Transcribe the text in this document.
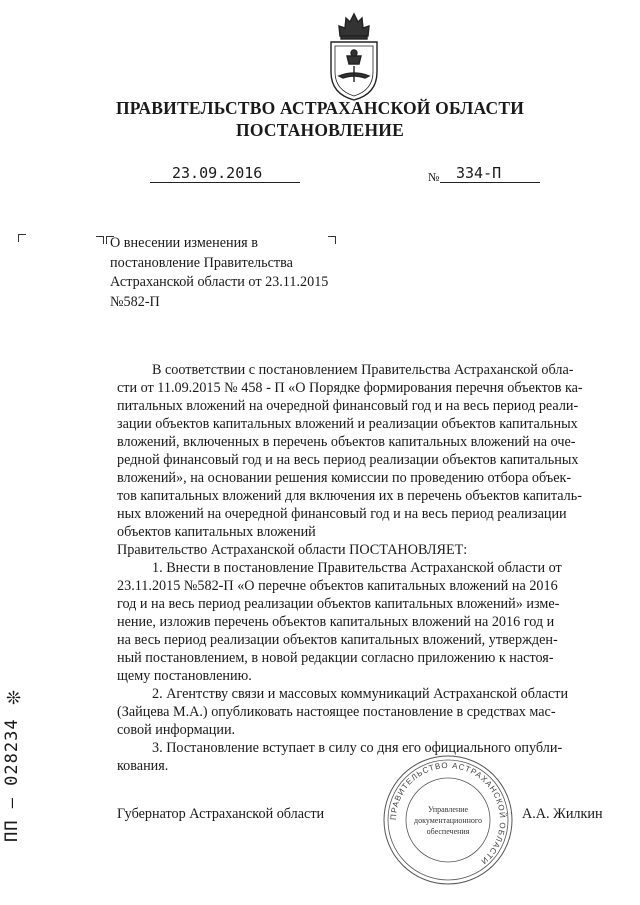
ПРАВИТЕЛЬСТВО АСТРАХАНСКОЙ ОБЛАСТИ
ПОСТАНОВЛЕНИЕ
23.09.2016	№ 334-П
О внесении изменения в постановление Правительства Астраханской области от 23.11.2015 №582-П
В соответствии с постановлением Правительства Астраханской обла-
сти от 11.09.2015 № 458 - П «О Порядке формирования перечня объектов ка-
питальных вложений на очередной финансовый год и на весь период реали-
зации объектов капитальных вложений и реализации объектов капитальных
вложений, включенных в перечень объектов капитальных вложений на оче-
редной финансовый год и на весь период реализации объектов капитальных
вложений», на основании решения комиссии по проведению отбора объек-
тов капитальных вложений для включения их в перечень объектов капиталь-
ных вложений на очередной финансовый год и на весь период реализации
объектов капитальных вложений
Правительство Астраханской области ПОСТАНОВЛЯЕТ:
1. Внести в постановление Правительства Астраханской области от
23.11.2015 №582-П «О перечне объектов капитальных вложений на 2016
год и на весь период реализации объектов капитальных вложений» изме-
нение, изложив перечень объектов капитальных вложений на 2016 год и
на весь период реализации объектов капитальных вложений, утвержден-
ный постановлением, в новой редакции согласно приложению к настоя-
щему постановлению.
2. Агентству связи и массовых коммуникаций Астраханской области
(Зайцева М.А.) опубликовать настоящее постановление в средствах мас-
совой информации.
3. Постановление вступает в силу со дня его официального опубли-
кования.
❊
ПП – 028234	Губернатор Астраханской области	А.А. Жилкин
ПРАВИТЕЛЬСТВО АСТРАХАНСКОЙ ОБЛАСТИ
Управление
документационного
обеспечения
